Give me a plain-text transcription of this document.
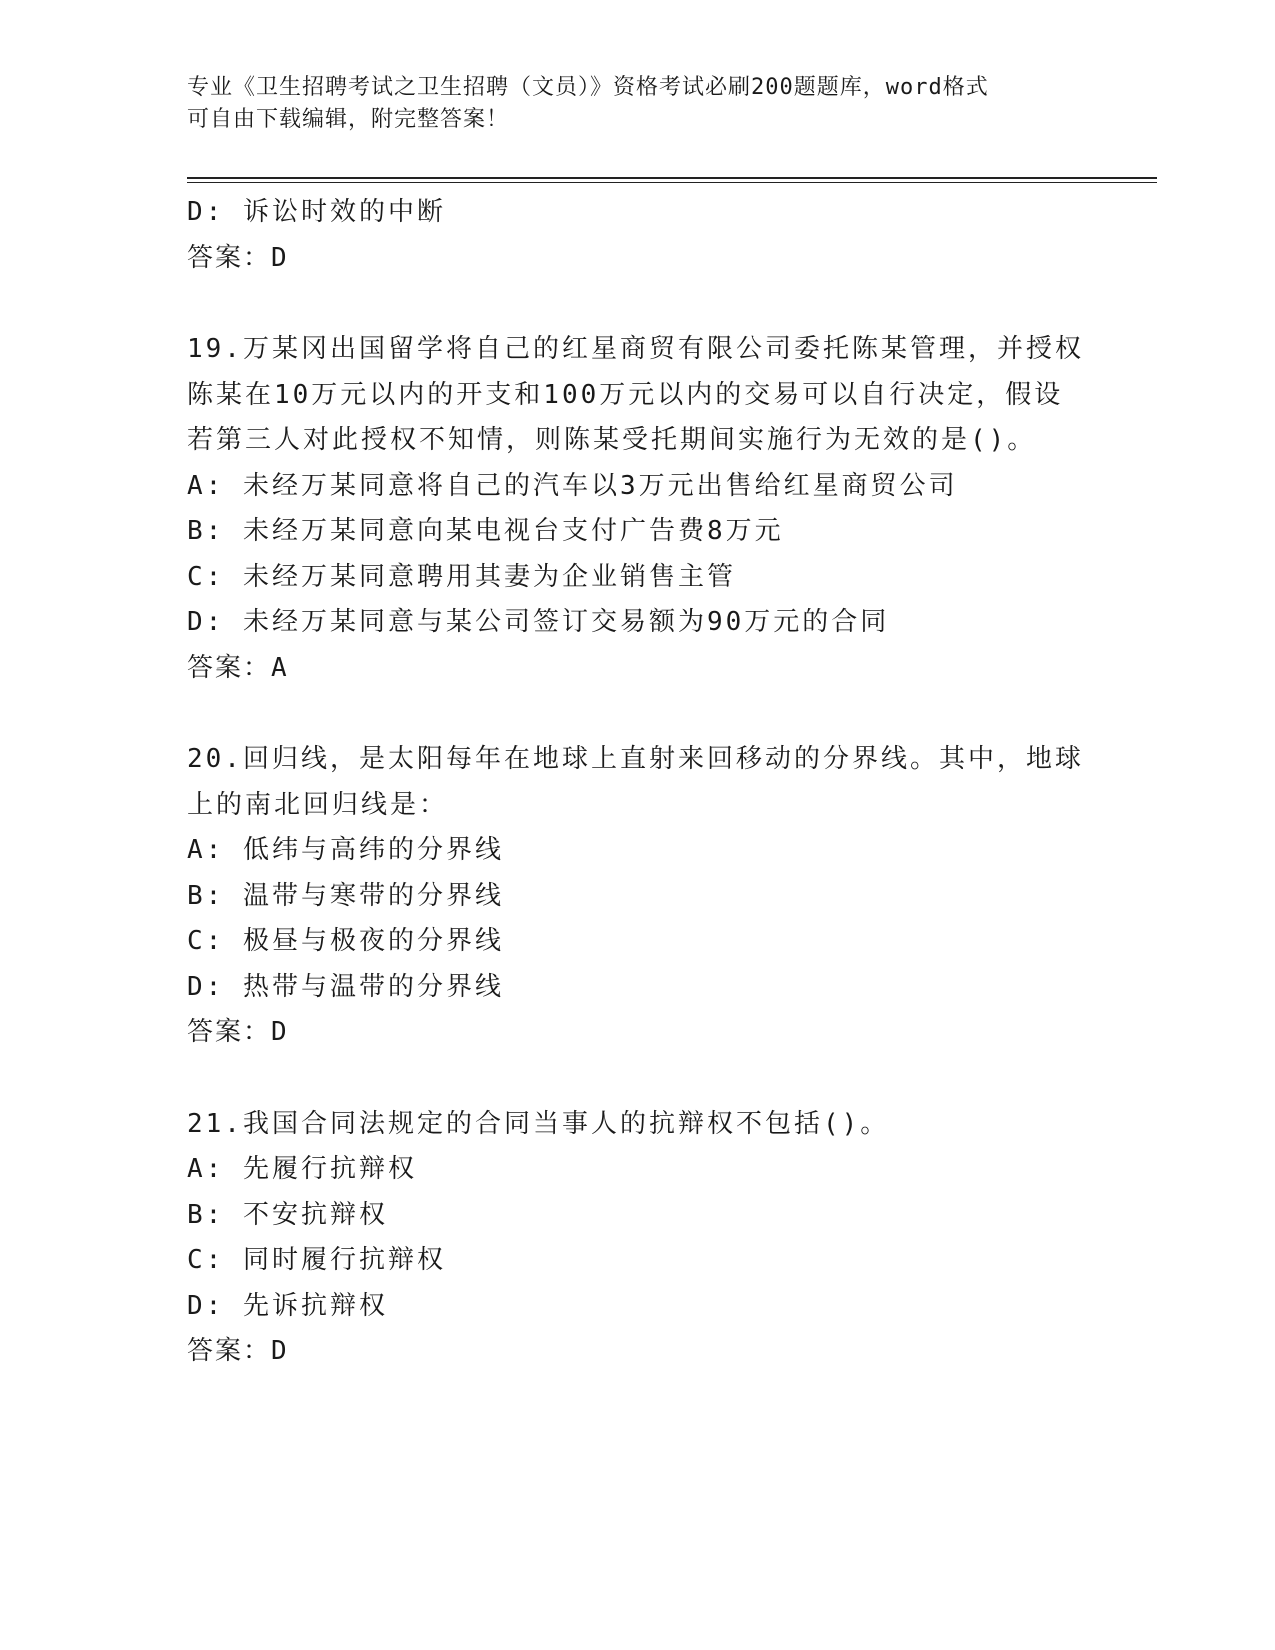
专业《卫生招聘考试之卫生招聘（文员）》资格考试必刷200题题库，word格式
可自由下载编辑，附完整答案！
D: 诉讼时效的中断
答案：D
19.万某冈出国留学将自己的红星商贸有限公司委托陈某管理，并授权
陈某在10万元以内的开支和100万元以内的交易可以自行决定，假设
若第三人对此授权不知情，则陈某受托期间实施行为无效的是()。
A: 未经万某同意将自己的汽车以3万元出售给红星商贸公司
B: 未经万某同意向某电视台支付广告费8万元
C: 未经万某同意聘用其妻为企业销售主管
D: 未经万某同意与某公司签订交易额为90万元的合同
答案：A
20.回归线，是太阳每年在地球上直射来回移动的分界线。其中，地球
上的南北回归线是：
A: 低纬与高纬的分界线
B: 温带与寒带的分界线
C: 极昼与极夜的分界线
D: 热带与温带的分界线
答案：D
21.我国合同法规定的合同当事人的抗辩权不包括()。
A: 先履行抗辩权
B: 不安抗辩权
C: 同时履行抗辩权
D: 先诉抗辩权
答案：D
